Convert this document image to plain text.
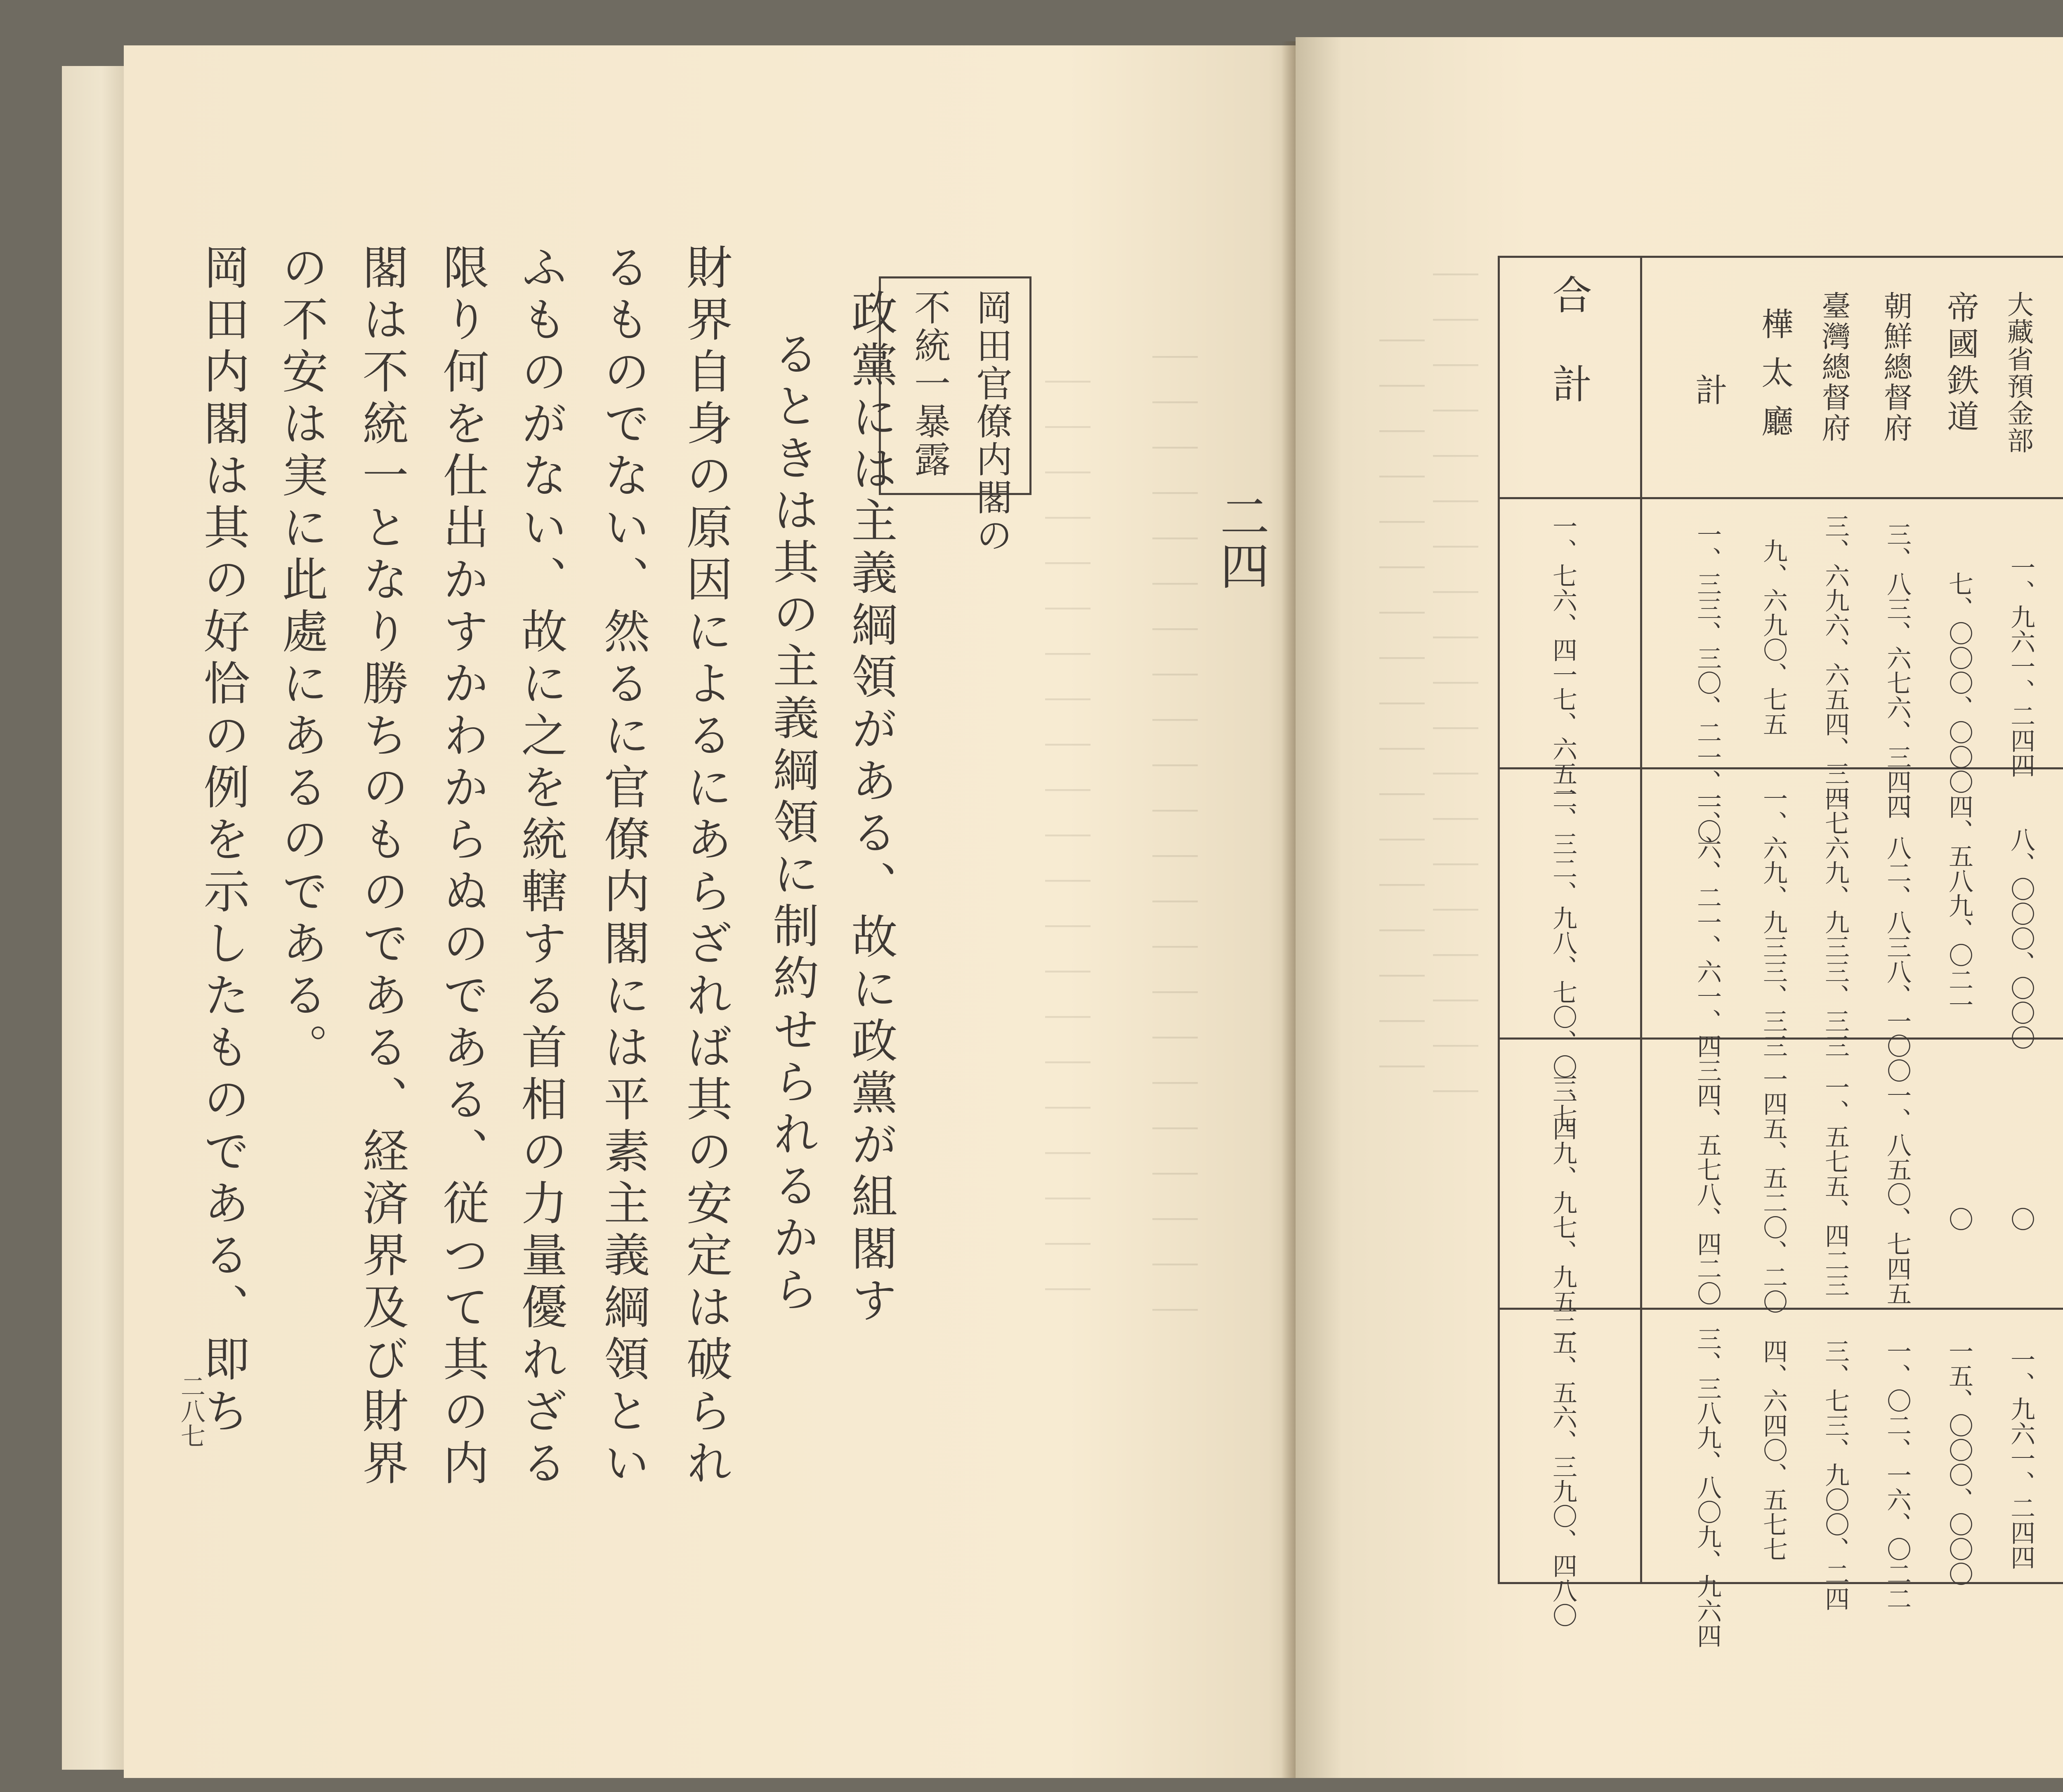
｜｜｜｜｜｜｜｜｜｜｜｜｜｜｜｜｜｜｜｜｜｜
｜｜｜｜｜｜｜｜｜｜｜｜｜｜｜｜｜｜｜｜｜
岡田官僚内閣の
不統一暴露
二四
政黨には主義綱領がある、故に政黨が組閣す
るときは其の主義綱領に制約せられるから
財界自身の原因によるにあらざれば其の安定は破られ
るものでない、然るに官僚内閣には平素主義綱領とい
ふものがない、故に之を統轄する首相の力量優れざる
限り何を仕出かすかわからぬのである、従つて其の内
閣は不統一となり勝ちのものである、経済界及び財界
の不安は実に此處にあるのである。
岡田内閣は其の好恰の例を示したものである、即ち
二八七
｜｜｜｜｜｜｜｜｜｜｜｜｜｜｜｜｜｜｜
｜｜｜｜｜｜｜｜｜｜｜｜｜｜｜｜｜	大藏省預金部
帝國鉄道
朝鮮總督府
臺灣總督府
樺太廳
計
合計
一、九六一、二四四
七、〇〇〇、〇〇〇
三、八三、六七六、三四四
三、六九六、六五四、三四七
九、六九〇、七五
一、三三、三〇、二一、一〇
一、七六、四一七、六五二
八、〇〇〇、〇〇〇
四、五八九、〇二一
一、八二、八三八、一〇〇
一、六九、九三三、三三
一、六九、九三三、三三
一、六、二一、六一、四三四
一、三二、九八、七〇、〇三七
〇
〇
一、八五〇、七四五
一、五七五、四二三
一四五、五二〇、二〇
四、五七八、四二〇
一、四九、九七、九五二
一、九六一、二四四
一五、〇〇〇、〇〇〇
一、〇二、一六、〇二二
三、七三、九〇〇、二四
四、六四〇、五七七
三、三八九、八〇九、九六四
五、五六、三九〇、四八〇
